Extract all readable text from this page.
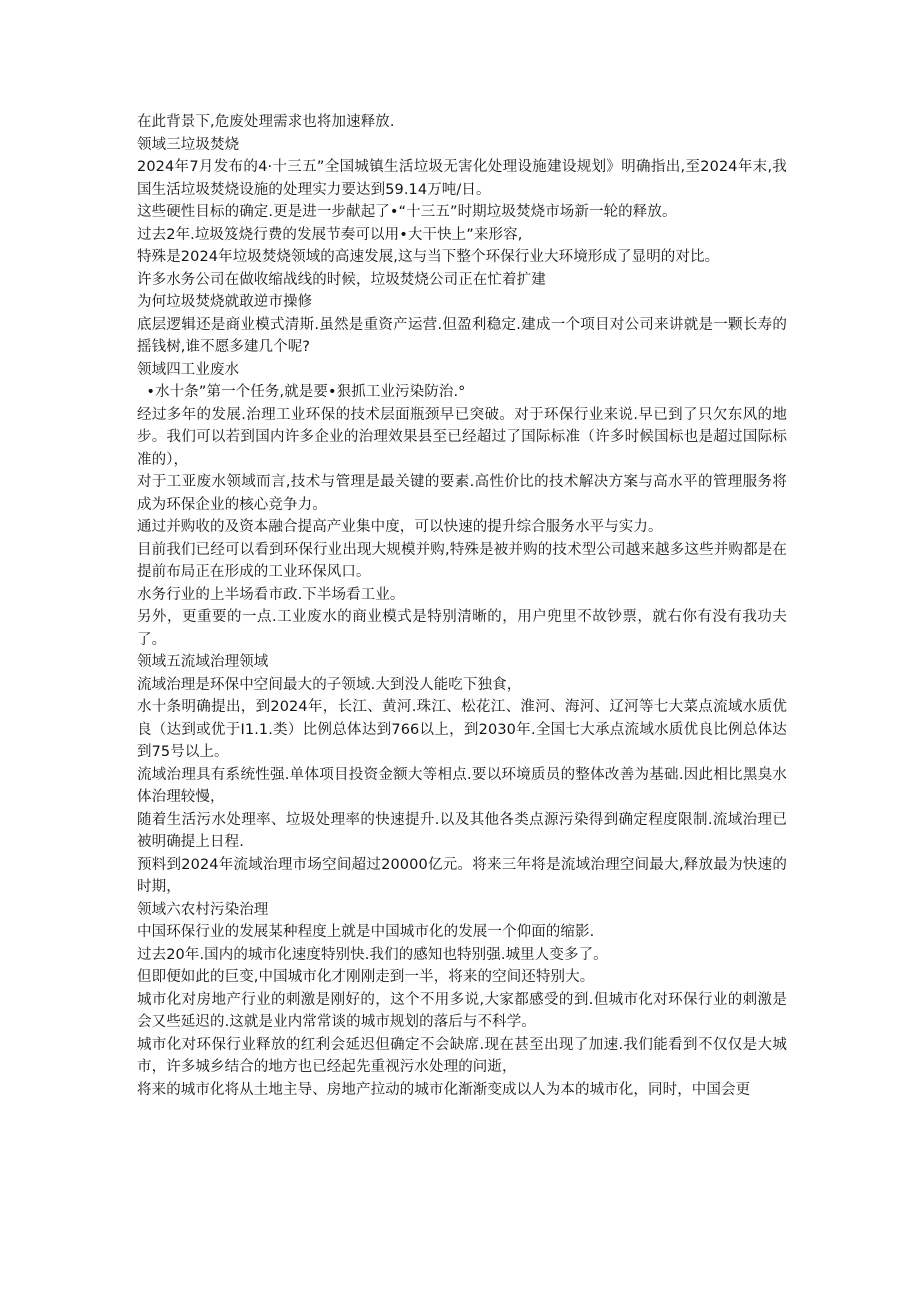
在此背景下,危废处理需求也将加速释放.

领域三垃圾焚烧

2024年7月发布的4·十三五”全国城镇生活垃圾无害化处理设施建设规划》明确指出,至2024年末,我国生活垃圾焚烧设施的处理实力要达到59.14万吨/日。

这些硬性目标的确定.更是进一步献起了•“十三五”时期垃圾焚烧市场新一轮的释放。

过去2年.垃圾笈烧行费的发展节奏可以用•大干快上”来形容,

特殊是2024年垃圾焚烧领域的高速发展,这与当下整个环保行业大环境形成了显明的对比。

许多水务公司在做收缩战线的时候，垃圾焚烧公司正在忙着扩建

为何垃圾焚烧就敢逆市操修

底层逻辑还是商业模式清斯.虽然是重资产运营.但盈利稳定.建成一个项目对公司来讲就是一颗长寿的摇钱树,谁不愿多建几个呢?

领域四工业废水

•水十条”第一个任务,就是要•狠抓工业污染防治.°

经过多年的发展.治理工业环保的技术层面瓶颈早已突破。对于环保行业来说.早已到了只欠东风的地步。我们可以若到国内许多企业的治理效果县至已经超过了国际标准（许多时候国标也是超过国际标准的），

对于工亚废水领域而言,技术与管理是最关键的要素.高性价比的技术解决方案与高水平的管理服务将成为环保企业的核心竞争力。

通过并购收的及资本融合提高产业集中度，可以快速的提升综合服务水平与实力。

目前我们已经可以看到环保行业出现大规模并购,特殊是被并购的技术型公司越来越多这些并购都是在提前布局正在形成的工业环保风口。

水务行业的上半场看市政.下半场看工业。

另外，更重要的一点.工业废水的商业模式是特别清晰的，用户兜里不故钞票，就右你有没有我功夫了。

领域五流域治理领域

流域治理是环保中空间最大的子领域.大到没人能吃下独食，

水十条明确提出，到2024年，长江、黄河.珠江、松花江、淮河、海河、辽河等七大菜点流域水质优良（达到或优于I1.1.类）比例总体达到766以上，到2030年.全国七大承点流域水质优良比例总体达到75号以上。

流域治理具有系统性强.单体项目投资金额大等相点.要以环境质员的整体改善为基础.因此相比黑臭水体治理较慢，

随着生活污水处理率、垃圾处理率的快速提升.以及其他各类点源污染得到确定程度限制.流域治理已被明确提上日程.

预料到2024年流域治理市场空间超过20000亿元。将来三年将是流域治理空间最大,释放最为快速的时期，

领域六农村污染治理

中国环保行业的发展某种程度上就是中国城市化的发展一个仰面的缩影.

过去20年.国内的城市化速度特别快.我们的感知也特别强.城里人变多了。

但即便如此的巨变,中国城市化才刚刚走到一半，将来的空间还特别大。

城市化对房地产行业的刺激是刚好的，这个不用多说,大家都感受的到.但城市化对环保行业的刺激是会又些延迟的.这就是业内常常谈的城市规划的落后与不科学。

城市化对环保行业释放的红利会延迟但确定不会缺席.现在甚至出现了加速.我们能看到不仅仅是大城市，许多城乡结合的地方也已经起先重视污水处理的问逝，

将来的城市化将从土地主导、房地产拉动的城市化渐渐变成以人为本的城市化，同时，中国会更
